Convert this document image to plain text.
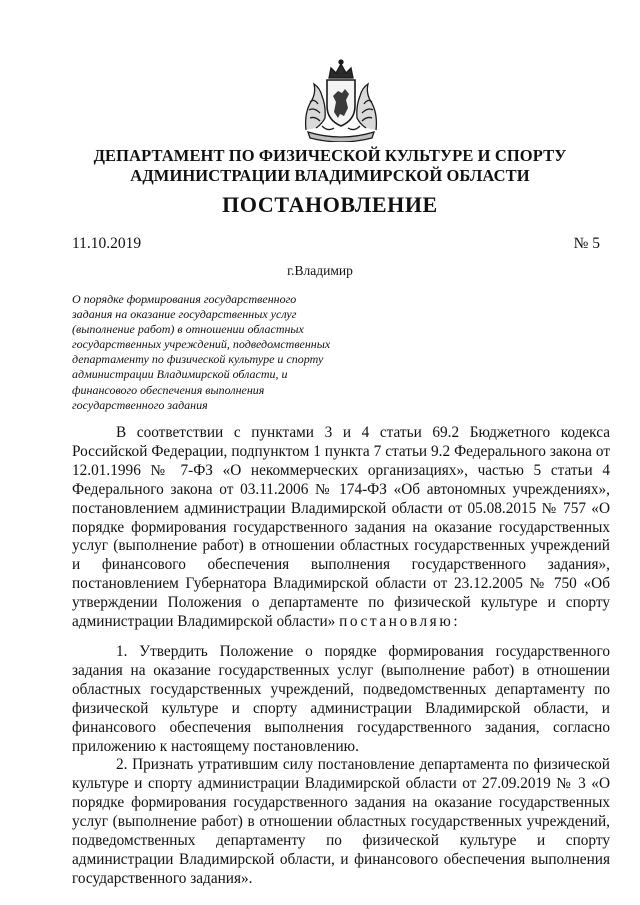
ДЕПАРТАМЕНТ ПО ФИЗИЧЕСКОЙ КУЛЬТУРЕ И СПОРТУ
АДМИНИСТРАЦИИ ВЛАДИМИРСКОЙ ОБЛАСТИ
ПОСТАНОВЛЕНИЕ
11.10.2019	№ 5
г.Владимир
О порядке формирования государственного
задания на оказание государственных услуг
(выполнение работ) в отношении областных
государственных учреждений, подведомственных
департаменту по физической культуре и спорту
администрации Владимирской области, и
финансового обеспечения выполнения
государственного задания

В соответствии с пунктами 3 и 4 статьи 69.2 Бюджетного кодекса Российской Федерации, подпунктом 1 пункта 7 статьи 9.2 Федерального закона от 12.01.1996 № 7-ФЗ «О некоммерческих организациях», частью 5 статьи 4 Федерального закона от 03.11.2006 № 174-ФЗ «Об автономных учреждениях», постановлением администрации Владимирской области от 05.08.2015 № 757 «О порядке формирования государственного задания на оказание государственных услуг (выполнение работ) в отношении областных государственных учреждений и финансового обеспечения выполнения государственного задания», постановлением Губернатора Владимирской области от 23.12.2005 № 750 «Об утверждении Положения о департаменте по физической культуре и спорту администрации Владимирской области» постановляю:

1. Утвердить Положение о порядке формирования государственного задания на оказание государственных услуг (выполнение работ) в отношении областных государственных учреждений, подведомственных департаменту по физической культуре и спорту администрации Владимирской области, и финансового обеспечения выполнения государственного задания, согласно приложению к настоящему постановлению.

2. Признать утратившим силу постановление департамента по физической культуре и спорту администрации Владимирской области от 27.09.2019 № 3 «О порядке формирования государственного задания на оказание государственных услуг (выполнение работ) в отношении областных государственных учреждений, подведомственных департаменту по физической культуре и спорту администрации Владимирской области, и финансового обеспечения выполнения государственного задания».
